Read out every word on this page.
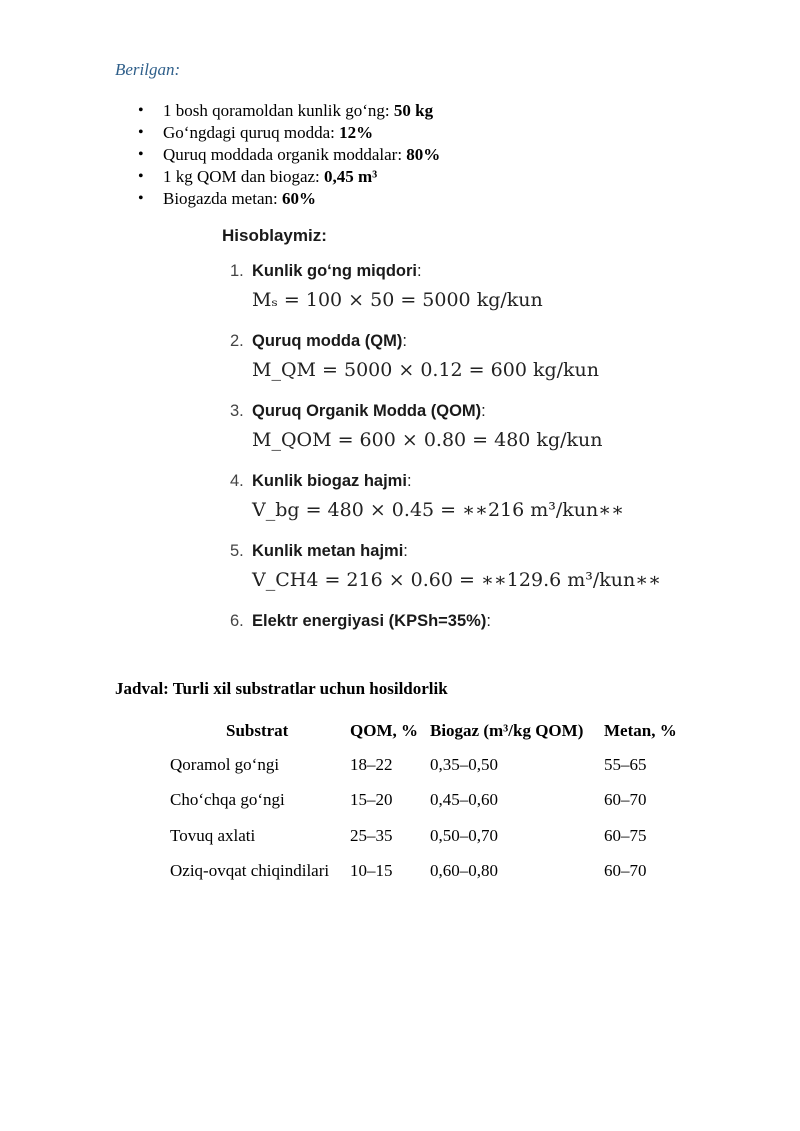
Berilgan:
• 1 bosh qoramoldan kunlik go‘ng: 50 kg
• Go‘ngdagi quruq modda: 12%
• Quruq moddada organik moddalar: 80%
• 1 kg QOM dan biogaz: 0,45 m³
• Biogazda metan: 60%
Hisoblaymiz:
1. Kunlik go‘ng miqdori:
Mₛ = 100 × 50 = 5000 kg/kun
2. Quruq modda (QM):
M_QM = 5000 × 0.12 = 600 kg/kun
3. Quruq Organik Modda (QOM):
M_QOM = 600 × 0.80 = 480 kg/kun
4. Kunlik biogaz hajmi:
V_bg = 480 × 0.45 = ∗∗216 m³/kun∗∗
5. Kunlik metan hajmi:
V_CH4 = 216 × 0.60 = ∗∗129.6 m³/kun∗∗
6. Elektr energiyasi (KPSh=35%):
Jadval: Turli xil substratlar uchun hosildorlik
Substrat	QOM, %	Biogaz (m³/kg QOM)	Metan, %
Qoramol go‘ngi	18–22	0,35–0,50	55–65
Cho‘chqa go‘ngi	15–20	0,45–0,60	60–70
Tovuq axlati	25–35	0,50–0,70	60–75
Oziq-ovqat chiqindilari	10–15	0,60–0,80	60–70
